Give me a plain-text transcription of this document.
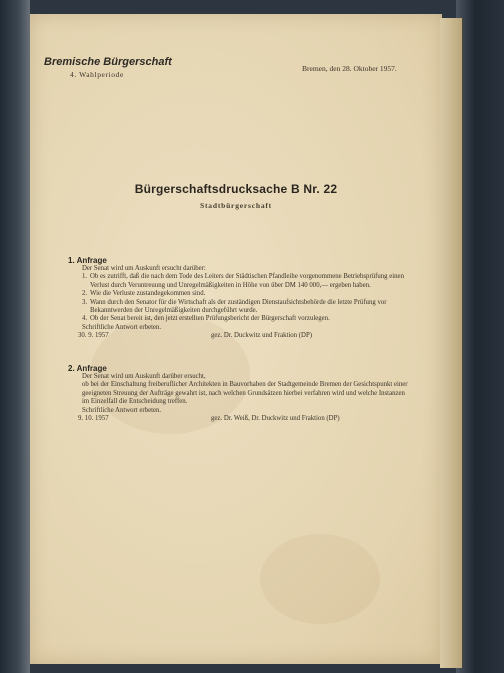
Bremische Bürgerschaft

4. Wahlperiode

Bremen, den 28. Oktober 1957.

Bürgerschaftsdrucksache B Nr. 22

Stadtbürgerschaft

1. Anfrage

Der Senat wird um Auskunft ersucht darüber:

1. Ob es zutrifft, daß die nach dem Tode des Leiters der Städtischen Pfandleihe vorgenommene Betriebsprüfung einen Verlust durch Veruntreuung und Unregelmäßigkeiten in Höhe von über DM 140 000,— ergeben haben.
2. Wie die Verluste zustandegekommen sind.
3. Wann durch den Senator für die Wirtschaft als der zuständigen Dienstaufsichtsbehörde die letzte Prüfung vor Bekanntwerden der Unregelmäßigkeiten durchgeführt wurde.
4. Ob der Senat bereit ist, den jetzt erstellten Prüfungsbericht der Bürgerschaft vorzulegen.

Schriftliche Antwort erbeten.

30. 9. 1957	gez. Dr. Duckwitz und Fraktion (DP)

2. Anfrage

Der Senat wird um Auskunft darüber ersucht,

ob bei der Einschaltung freiberuflicher Architekten in Bauvorhaben der Stadtgemeinde Bremen der Gesichtspunkt einer geeigneten Streuung der Aufträge gewahrt ist, nach welchen Grundsätzen hierbei verfahren wird und welche Instanzen im Einzelfall die Entscheidung treffen.

Schriftliche Antwort erbeten.

9. 10. 1957	gez. Dr. Weiß, Dr. Duckwitz und Fraktion (DP)
